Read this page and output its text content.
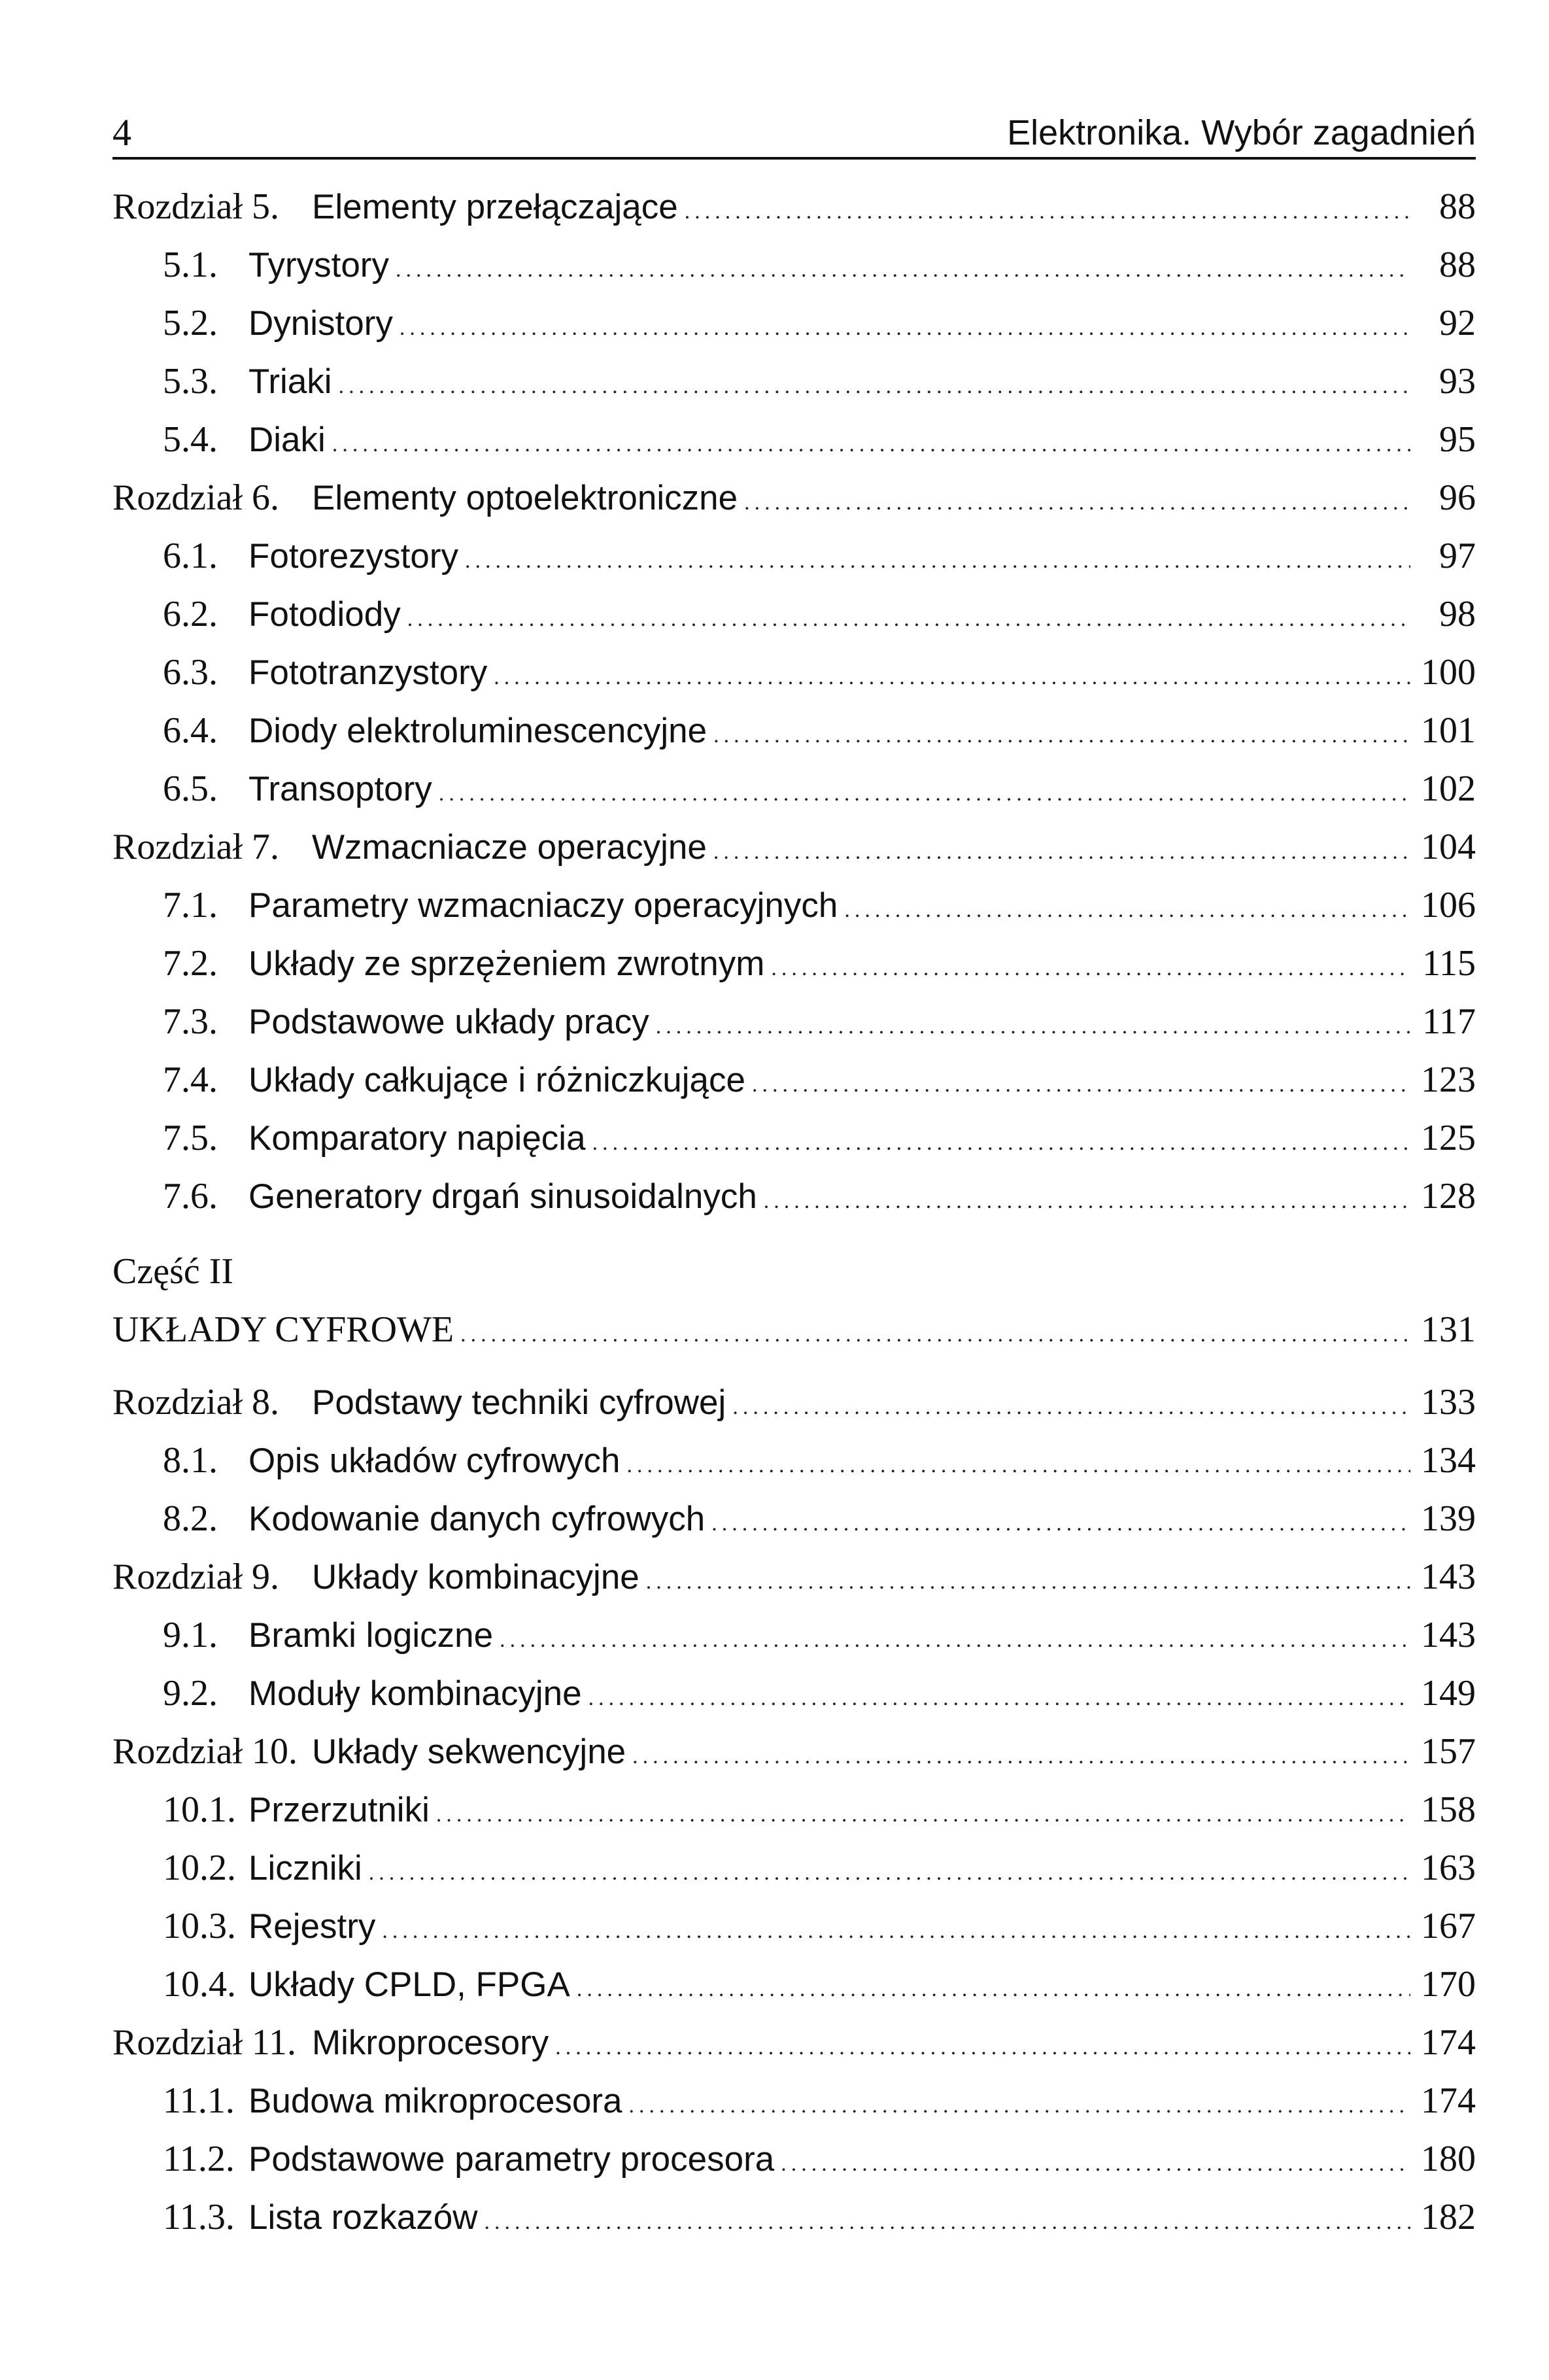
4	Elektronika. Wybór zagadnień
Rozdział 5. Elementy przełączające .....	88
5.1. Tyrystory .....	88
5.2. Dynistory .....	92
5.3. Triaki .....	93
5.4. Diaki .....	95
Rozdział 6. Elementy optoelektroniczne .....	96
6.1. Fotorezystory .....	97
6.2. Fotodiody .....	98
6.3. Fototranzystory .....	100
6.4. Diody elektroluminescencyjne .....	101
6.5. Transoptory .....	102
Rozdział 7. Wzmacniacze operacyjne .....	104
7.1. Parametry wzmacniaczy operacyjnych .....	106
7.2. Układy ze sprzężeniem zwrotnym .....	115
7.3. Podstawowe układy pracy .....	117
7.4. Układy całkujące i różniczkujące .....	123
7.5. Komparatory napięcia .....	125
7.6. Generatory drgań sinusoidalnych .....	128
Część II
UKŁADY CYFROWE .....	131
Rozdział 8. Podstawy techniki cyfrowej .....	133
8.1. Opis układów cyfrowych .....	134
8.2. Kodowanie danych cyfrowych .....	139
Rozdział 9. Układy kombinacyjne .....	143
9.1. Bramki logiczne .....	143
9.2. Moduły kombinacyjne .....	149
Rozdział 10. Układy sekwencyjne .....	157
10.1. Przerzutniki .....	158
10.2. Liczniki .....	163
10.3. Rejestry .....	167
10.4. Układy CPLD, FPGA .....	170
Rozdział 11. Mikroprocesory .....	174
11.1. Budowa mikroprocesora .....	174
11.2. Podstawowe parametry procesora .....	180
11.3. Lista rozkazów .....	182
